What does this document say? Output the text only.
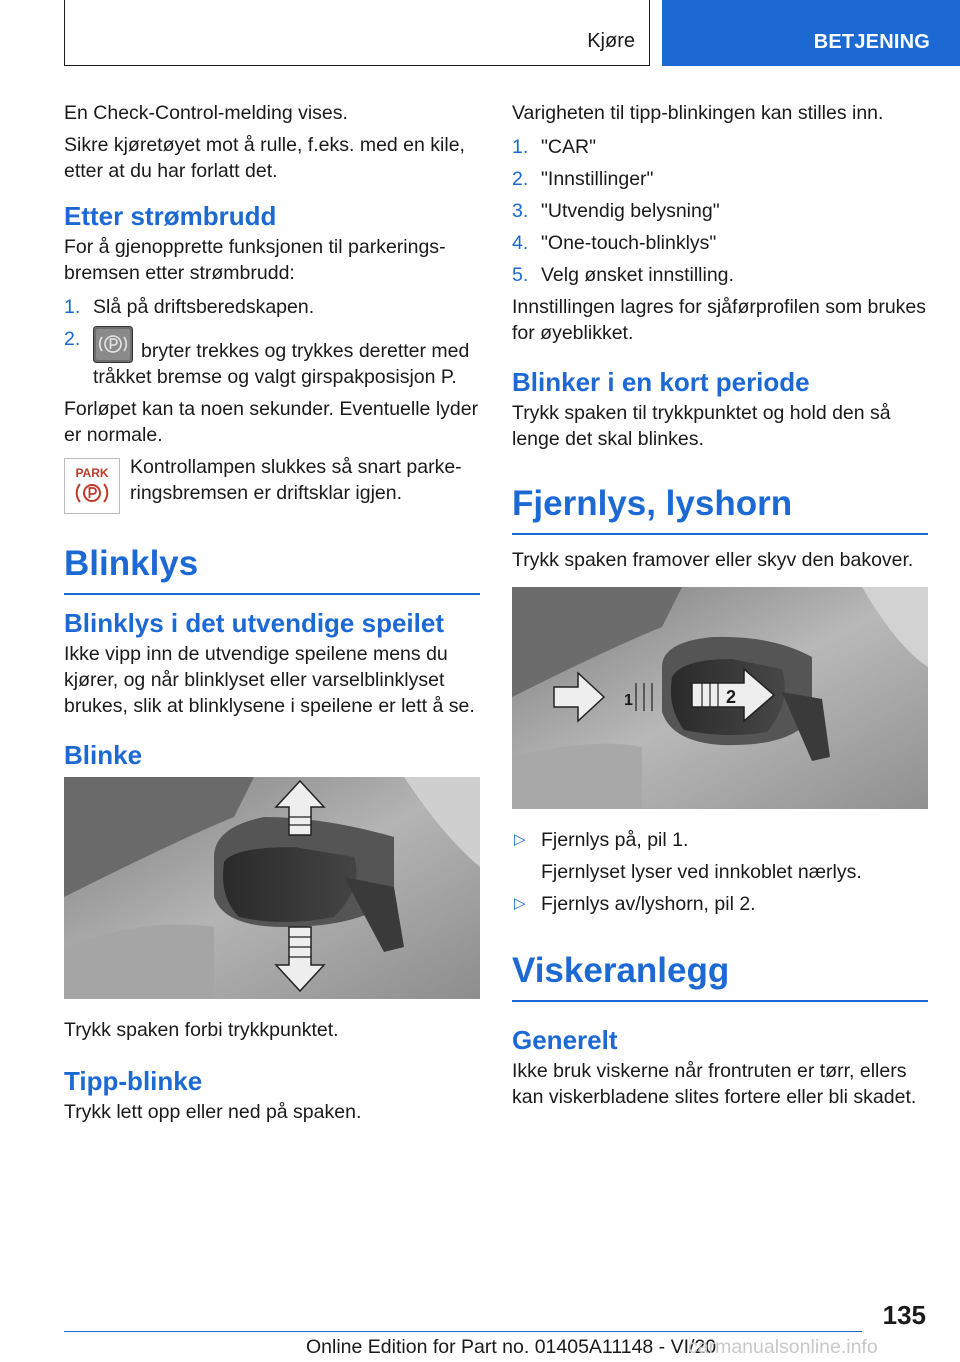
Kjøre	BETJENING

En Check-Control-melding vises.

Sikre kjøretøyet mot å rulle, f.eks. med en kile, etter at du har forlatt det.

Etter strømbrudd

For å gjenopprette funksjonen til parkeringsbremsen etter strømbrudd:

1. Slå på driftsberedskapen.
2.
bryter trekkes og trykkes deretter med tråkket bremse og valgt girspakposisjon P.

Forløpet kan ta noen sekunder. Eventuelle lyder er normale.

PARK Kontrollampen slukkes så snart parkeringsbremsen er driftsklar igjen.
Blinklys
Blinklys i det utvendige speilet

Ikke vipp inn de utvendige speilene mens du kjører, og når blinklyset eller varselblinklyset brukes, slik at blinklysene i speilene er lett å se.

Blinke

Trykk spaken forbi trykkpunktet.

Tipp-blinke

Trykk lett opp eller ned på spaken.

Varigheten til tipp-blinkingen kan stilles inn.

1. "CAR"
2. "Innstillinger"
3. "Utvendig belysning"
4. "One-touch-blinklys"
5. Velg ønsket innstilling.

Innstillingen lagres for sjåførprofilen som brukes for øyeblikket.

Blinker i en kort periode

Trykk spaken til trykkpunktet og hold den så lenge det skal blinkes.

Fjernlys, lyshorn

Trykk spaken framover eller skyv den bakover.

1	2
▷ Fjernlys på, pil 1.

Fjernlyset lyser ved innkoblet nærlys.

▷ Fjernlys av/lyshorn, pil 2.
Viskeranlegg
Generelt

Ikke bruk viskerne når frontruten er tørr, ellers kan viskerbladene slites fortere eller bli skadet.

135
Online Edition for Part no. 01405A11148 - VI/20
carmanualsonline.info
